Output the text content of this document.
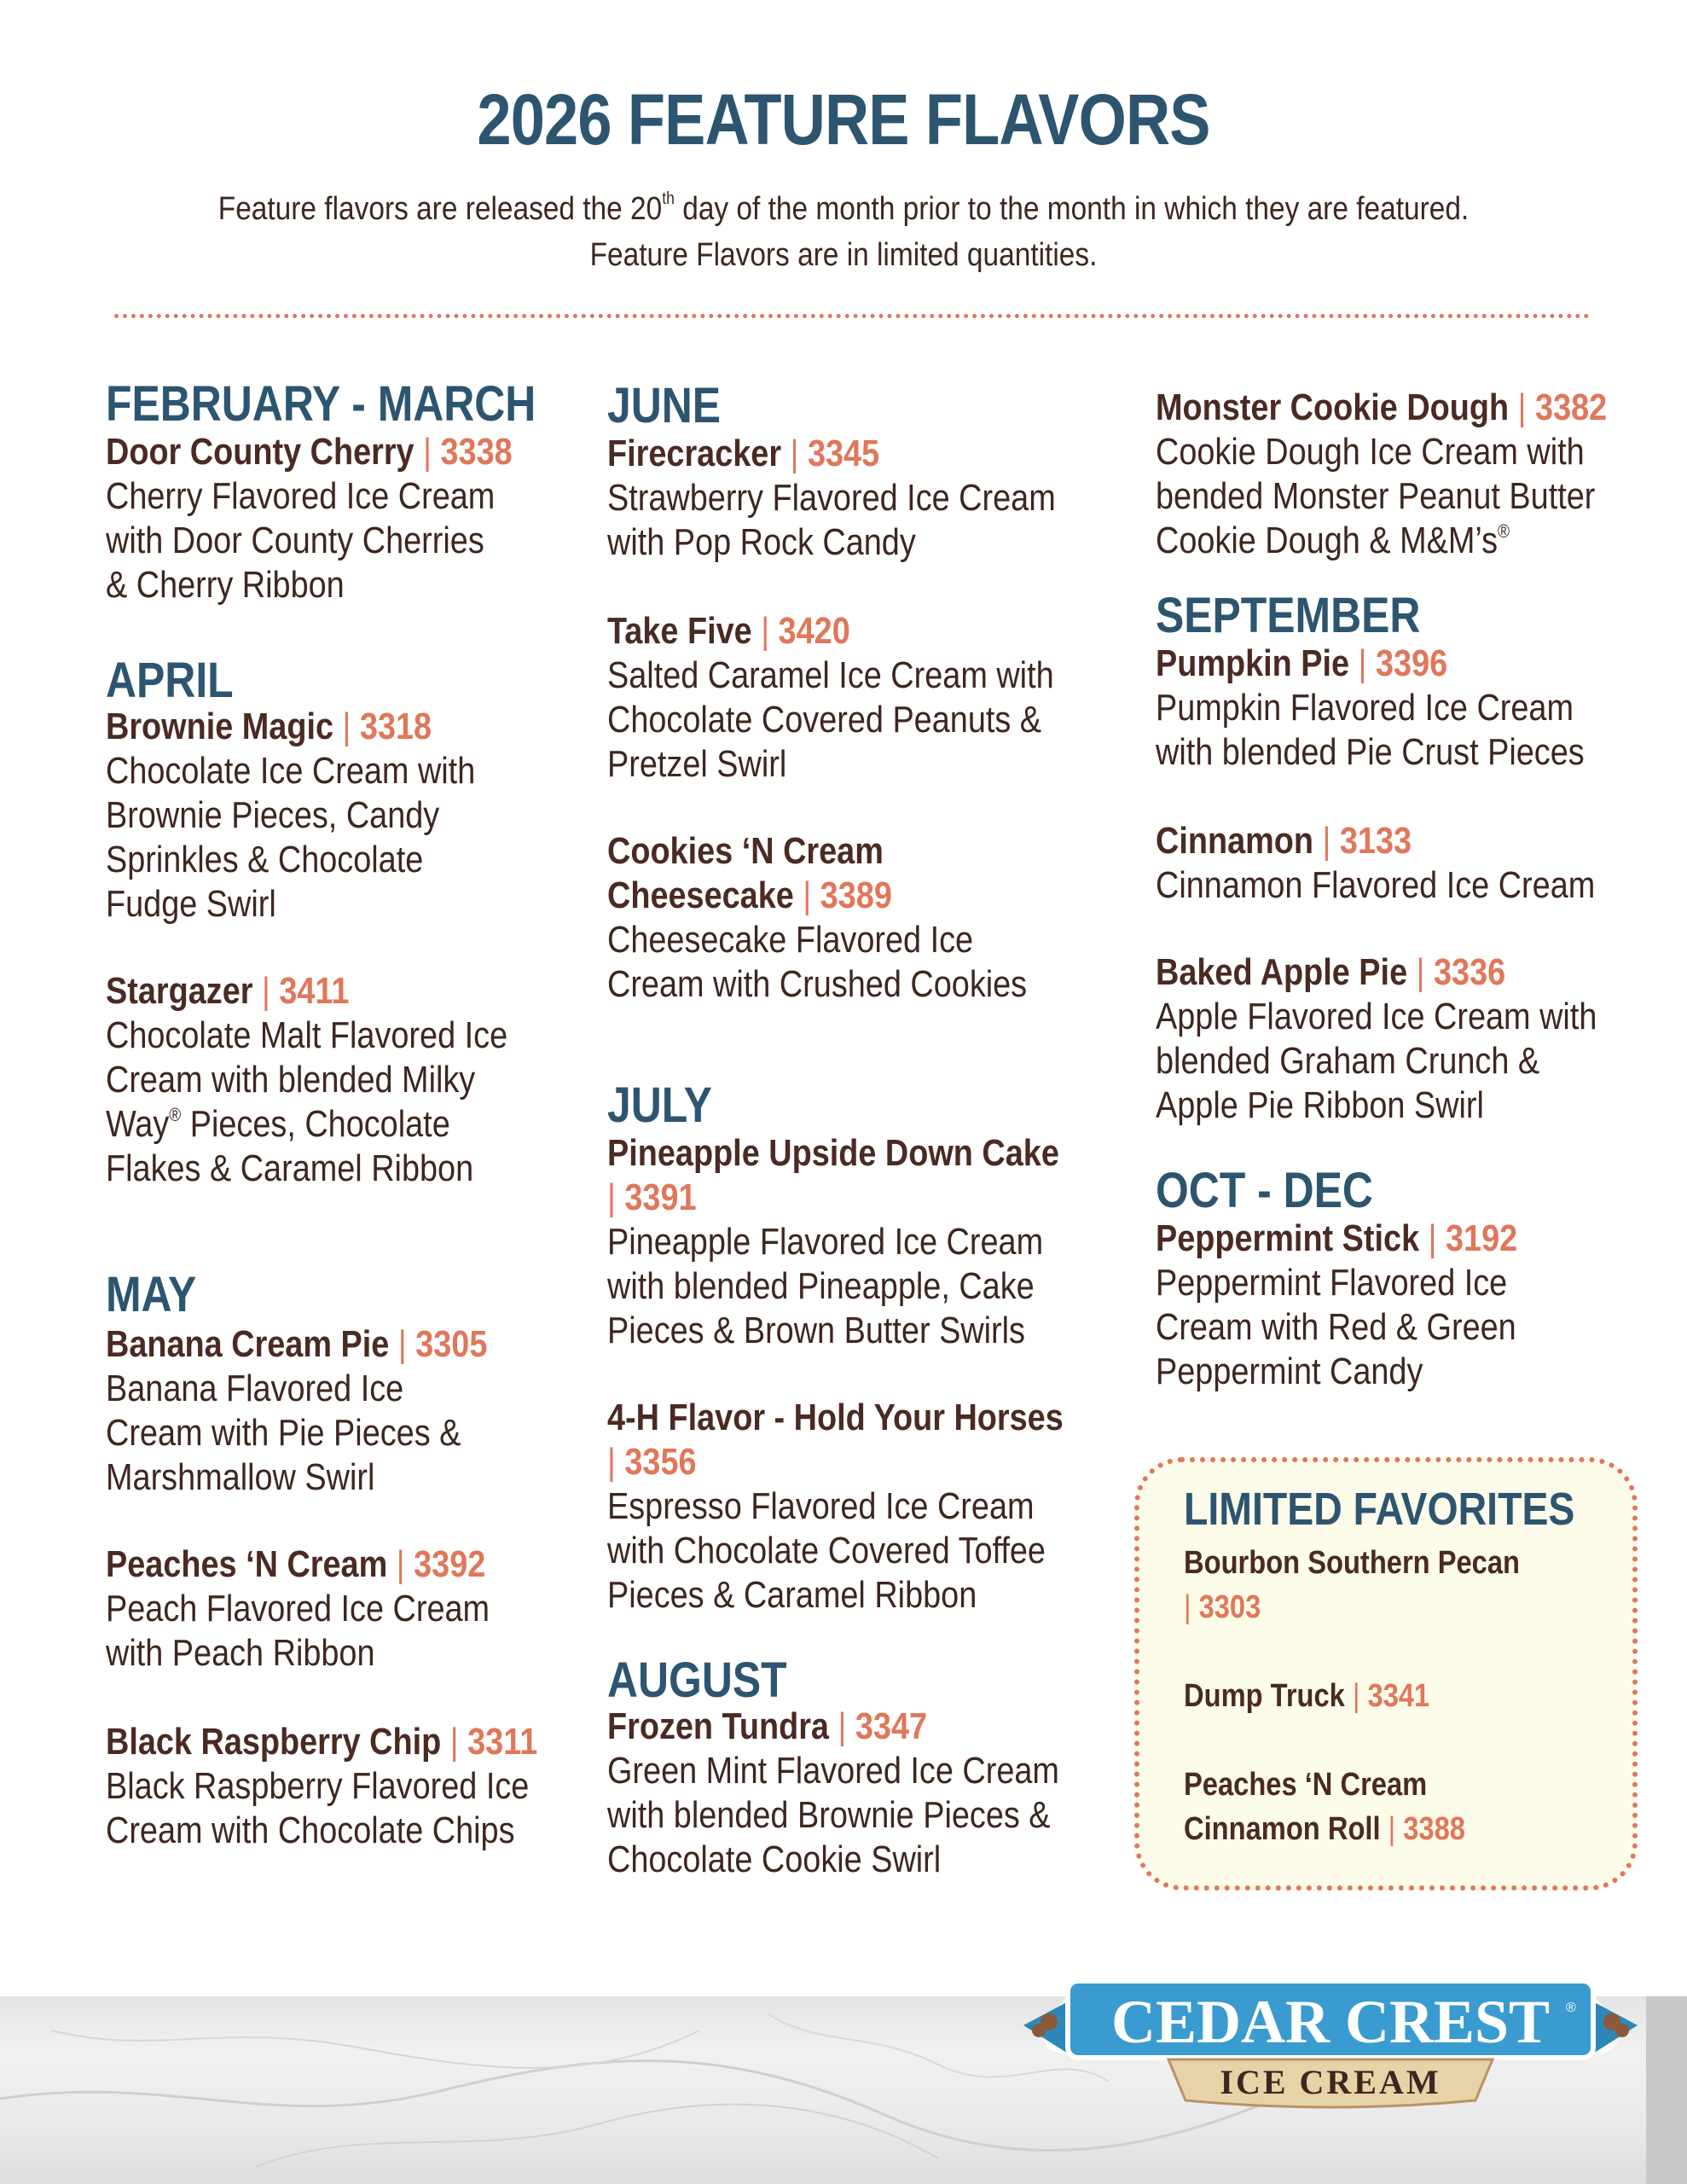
2026 FEATURE FLAVORS
Feature flavors are released the 20th day of the month prior to the month in which they are featured.
Feature Flavors are in limited quantities.
FEBRUARY - MARCH
Door County Cherry | 3338
Cherry Flavored Ice Cream
with Door County Cherries
& Cherry Ribbon
APRIL
Brownie Magic | 3318
Chocolate Ice Cream with
Brownie Pieces, Candy
Sprinkles & Chocolate
Fudge Swirl
Stargazer | 3411
Chocolate Malt Flavored Ice
Cream with blended Milky
Way® Pieces, Chocolate
Flakes & Caramel Ribbon
MAY
Banana Cream Pie | 3305
Banana Flavored Ice
Cream with Pie Pieces &
Marshmallow Swirl
Peaches ‘N Cream | 3392
Peach Flavored Ice Cream
with Peach Ribbon
Black Raspberry Chip | 3311
Black Raspberry Flavored Ice
Cream with Chocolate Chips
JUNE
Firecracker | 3345
Strawberry Flavored Ice Cream
with Pop Rock Candy
Take Five | 3420
Salted Caramel Ice Cream with
Chocolate Covered Peanuts &
Pretzel Swirl
Cookies ‘N Cream
Cheesecake | 3389
Cheesecake Flavored Ice
Cream with Crushed Cookies
JULY
Pineapple Upside Down Cake
| 3391
Pineapple Flavored Ice Cream
with blended Pineapple, Cake
Pieces & Brown Butter Swirls
4-H Flavor - Hold Your Horses
| 3356
Espresso Flavored Ice Cream
with Chocolate Covered Toffee
Pieces & Caramel Ribbon
AUGUST
Frozen Tundra | 3347
Green Mint Flavored Ice Cream
with blended Brownie Pieces &
Chocolate Cookie Swirl
Monster Cookie Dough | 3382
Cookie Dough Ice Cream with
bended Monster Peanut Butter
Cookie Dough & M&M’s®
SEPTEMBER
Pumpkin Pie | 3396
Pumpkin Flavored Ice Cream
with blended Pie Crust Pieces
Cinnamon | 3133
Cinnamon Flavored Ice Cream
Baked Apple Pie | 3336
Apple Flavored Ice Cream with
blended Graham Crunch &
Apple Pie Ribbon Swirl
OCT - DEC
Peppermint Stick | 3192
Peppermint Flavored Ice
Cream with Red & Green
Peppermint Candy
LIMITED FAVORITES
Bourbon Southern Pecan
| 3303
Dump Truck | 3341
Peaches ‘N Cream
Cinnamon Roll | 3388
CEDAR CREST ®
ICE CREAM
